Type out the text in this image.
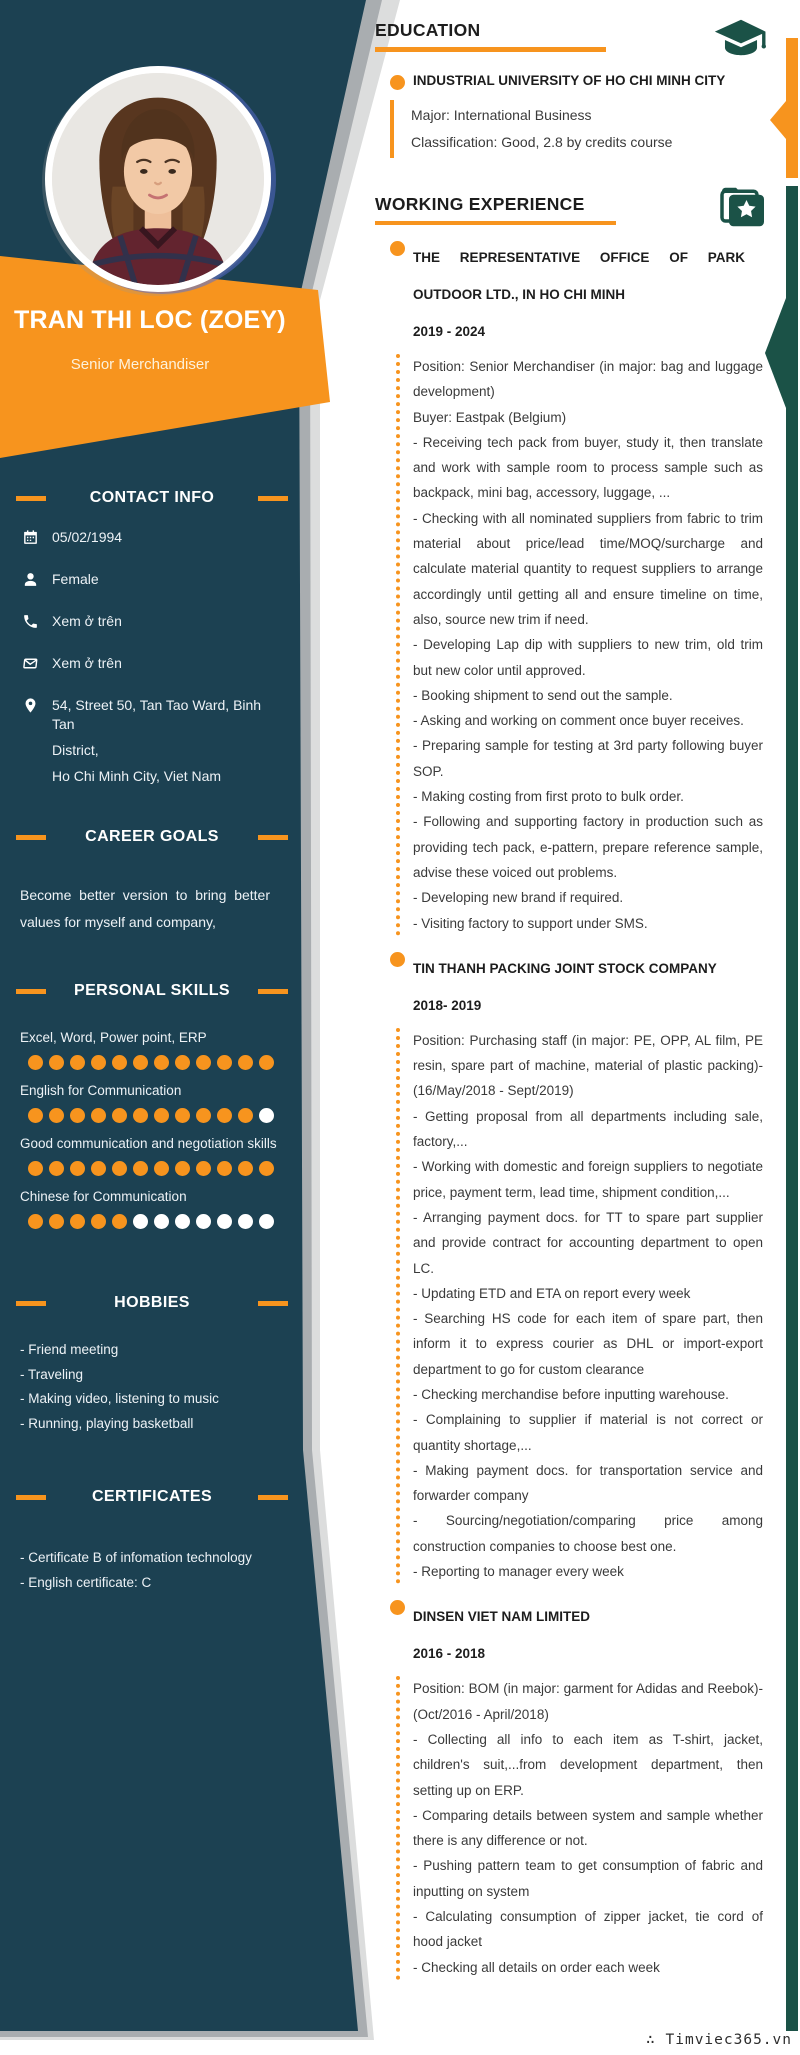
TRAN THI LOC (ZOEY)
Senior Merchandiser
CONTACT INFO
05/02/1994
Female
Xem ở trên
Xem ở trên
54, Street 50, Tan Tao Ward, Binh Tan
District,
Ho Chi Minh City, Viet Nam
CAREER GOALS
Become better version to bring better values for myself and company,
PERSONAL SKILLS
Excel, Word, Power point, ERP
English for Communication
Good communication and negotiation skills
Chinese for Communication
HOBBIES
- Friend meeting
- Traveling
- Making video, listening to music
- Running, playing basketball
CERTIFICATES
- Certificate B of infomation technology
- English certificate: C
EDUCATION
INDUSTRIAL UNIVERSITY OF HO CHI MINH CITY
Major: International Business
Classification: Good, 2.8 by credits course
WORKING EXPERIENCE
THE REPRESENTATIVE OFFICE OF PARK OUTDOOR LTD., IN HO CHI MINH
2019 - 2024

Position: Senior Merchandiser (in major: bag and luggage development)

Buyer: Eastpak (Belgium)

- Receiving tech pack from buyer, study it, then translate and work with sample room to process sample such as backpack, mini bag, accessory, luggage, ...

- Checking with all nominated suppliers from fabric to trim material about price/lead time/MOQ/surcharge and calculate material quantity to request suppliers to arrange accordingly until getting all and ensure timeline on time, also, source new trim if need.

- Developing Lap dip with suppliers to new trim, old trim but new color until approved.

- Booking shipment to send out the sample.

- Asking and working on comment once buyer receives.

- Preparing sample for testing at 3rd party following buyer SOP.

- Making costing from first proto to bulk order.

- Following and supporting factory in production such as providing tech pack, e-pattern, prepare reference sample, advise these voiced out problems.

- Developing new brand if required.

- Visiting factory to support under SMS.

TIN THANH PACKING JOINT STOCK COMPANY
2018- 2019

Position: Purchasing staff (in major: PE, OPP, AL film, PE resin, spare part of machine, material of plastic packing)- (16/May/2018 - Sept/2019)

- Getting proposal from all departments including sale, factory,...

- Working with domestic and foreign suppliers to negotiate price, payment term, lead time, shipment condition,...

- Arranging payment docs. for TT to spare part supplier and provide contract for accounting department to open LC.

- Updating ETD and ETA on report every week

- Searching HS code for each item of spare part, then inform it to express courier as DHL or import-export department to go for custom clearance

- Checking merchandise before inputting warehouse.

- Complaining to supplier if material is not correct or quantity shortage,...

- Making payment docs. for transportation service and forwarder company

- Sourcing/negotiation/comparing price among construction companies to choose best one.

- Reporting to manager every week

DINSEN VIET NAM LIMITED
2016 - 2018

Position: BOM (in major: garment for Adidas and Reebok)- (Oct/2016 - April/2018)

- Collecting all info to each item as T-shirt, jacket, children's suit,...from development department, then setting up on ERP.

- Comparing details between system and sample whether there is any difference or not.

- Pushing pattern team to get consumption of fabric and inputting on system

- Calculating consumption of zipper jacket, tie cord of hood jacket

- Checking all details on order each week

∴ Timviec365.vn
